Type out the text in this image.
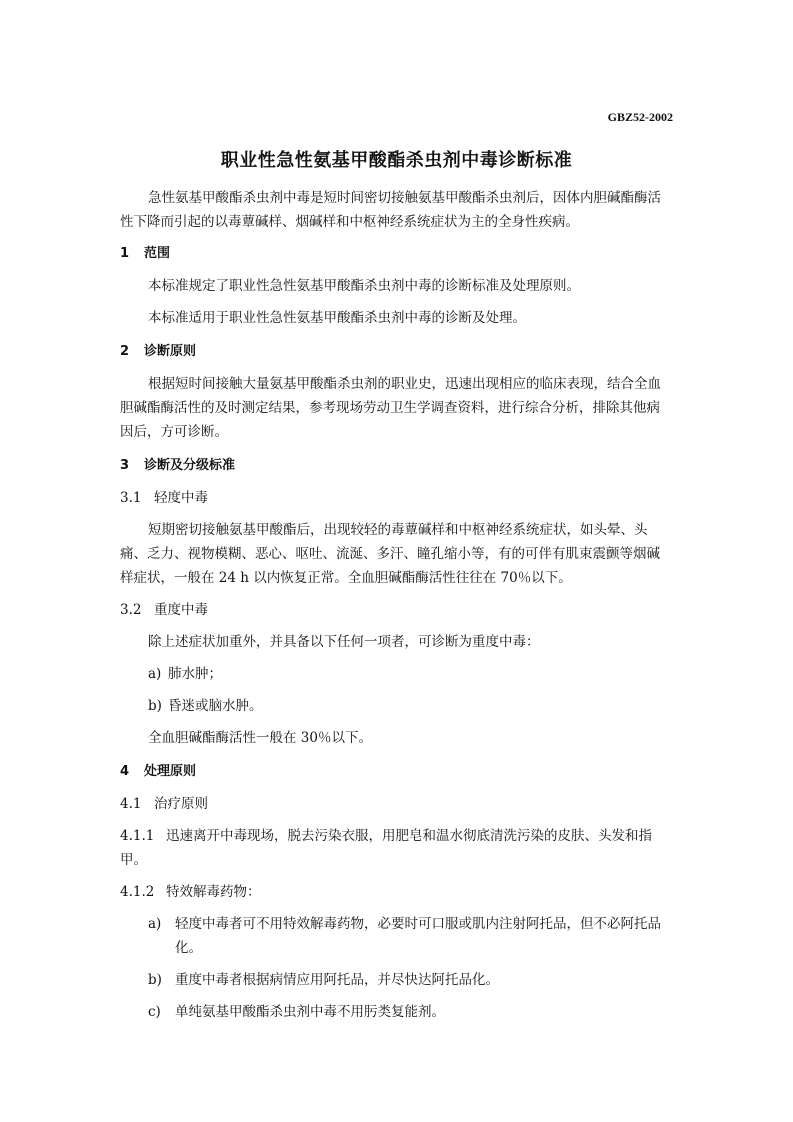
GBZ52-2002
职业性急性氨基甲酸酯杀虫剂中毒诊断标准

急性氨基甲酸酯杀虫剂中毒是短时间密切接触氨基甲酸酯杀虫剂后，因体内胆碱酯酶活性下降而引起的以毒蕈碱样、烟碱样和中枢神经系统症状为主的全身性疾病。

1 范围

本标准规定了职业性急性氨基甲酸酯杀虫剂中毒的诊断标准及处理原则。

本标准适用于职业性急性氨基甲酸酯杀虫剂中毒的诊断及处理。

2 诊断原则

根据短时间接触大量氨基甲酸酯杀虫剂的职业史，迅速出现相应的临床表现，结合全血胆碱酯酶活性的及时测定结果，参考现场劳动卫生学调查资料，进行综合分析，排除其他病因后，方可诊断。

3 诊断及分级标准

3.1 轻度中毒

短期密切接触氨基甲酸酯后，出现较轻的毒蕈碱样和中枢神经系统症状，如头晕、头痛、乏力、视物模糊、恶心、呕吐、流涎、多汗、瞳孔缩小等，有的可伴有肌束震颤等烟碱样症状，一般在 24 h 以内恢复正常。全血胆碱酯酶活性往往在 70％以下。

3.2 重度中毒

除上述症状加重外，并具备以下任何一项者，可诊断为重度中毒：

a) 肺水肿；

b) 昏迷或脑水肿。

全血胆碱酯酶活性一般在 30％以下。

4 处理原则

4.1 治疗原则

4.1.1 迅速离开中毒现场，脱去污染衣服，用肥皂和温水彻底清洗污染的皮肤、头发和指甲。

4.1.2 特效解毒药物：

a)	轻度中毒者可不用特效解毒药物，必要时可口服或肌内注射阿托品，但不必阿托品化。
b) 重度中毒者根据病情应用阿托品，并尽快达阿托品化。
c)	单纯氨基甲酸酯杀虫剂中毒不用肟类复能剂。
